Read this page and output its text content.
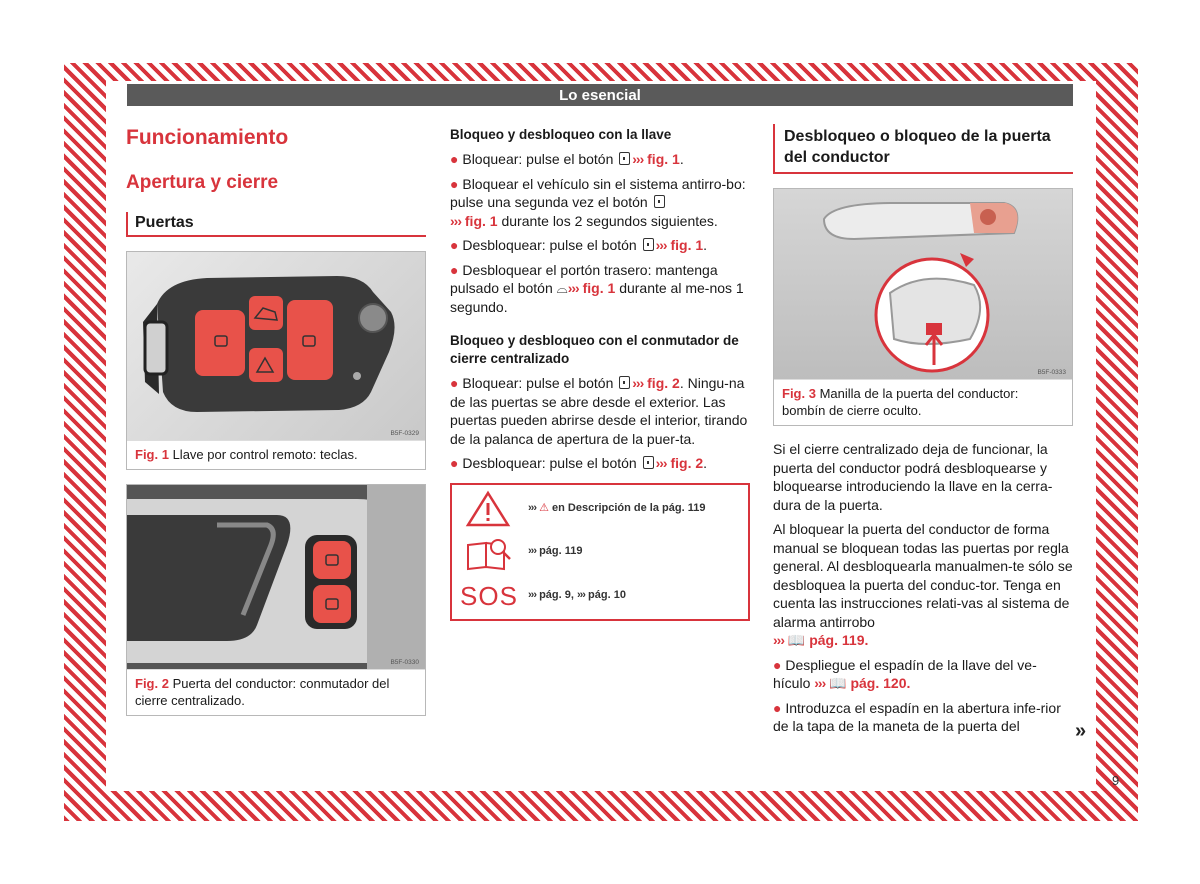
Lo esencial
Funcionamiento
Apertura y cierre
Puertas
B5F-0329
Fig. 1 Llave por control remoto: teclas.
B5F-0330
Fig. 2 Puerta del conductor: conmutador del cierre centralizado.
Bloqueo y desbloqueo con la llave
● Bloquear: pulse el botón ››› fig. 1.
● Bloquear el vehículo sin el sistema antirro-bo: pulse una segunda vez el botón
››› fig. 1 durante los 2 segundos siguientes.
● Desbloquear: pulse el botón ››› fig. 1.
● Desbloquear el portón trasero: mantenga pulsado el botón ⌓››› fig. 1 durante al me-nos 1 segundo.
Bloqueo y desbloqueo con el conmutador de cierre centralizado
● Bloquear: pulse el botón ››› fig. 2. Ningu-na de las puertas se abre desde el exterior. Las puertas pueden abrirse desde el interior, tirando de la palanca de apertura de la puer-ta.
● Desbloquear: pulse el botón ››› fig. 2.
››› ⚠ en Descripción de la pág. 119
››› pág. 119
SOS ››› pág. 9, ››› pág. 10
Desbloqueo o bloqueo de la puerta del conductor
B5F-0333
Fig. 3 Manilla de la puerta del conductor: bombín de cierre oculto.
Si el cierre centralizado deja de funcionar, la puerta del conductor podrá desbloquearse y bloquearse introduciendo la llave en la cerra-dura de la puerta.
Al bloquear la puerta del conductor de forma manual se bloquean todas las puertas por regla general. Al desbloquearla manualmen-te sólo se desbloquea la puerta del conduc-tor. Tenga en cuenta las instrucciones relati-vas al sistema de alarma antirrobo
››› 📖 pág. 119.
● Despliegue el espadín de la llave del ve-hículo ››› 📖 pág. 120.
● Introduzca el espadín en la abertura infe-rior de la tapa de la maneta de la puerta del	»
9
